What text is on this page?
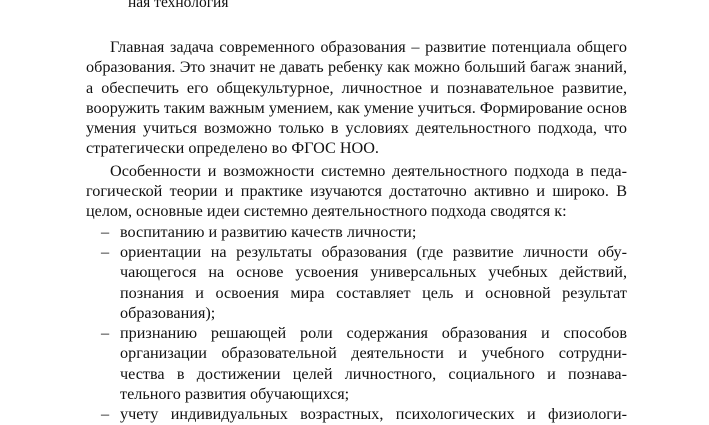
ная технология
Главная задача современного образования – развитие потенциала общего
образования. Это значит не давать ребенку как можно больший багаж знаний,
а обеспечить его общекультурное, личностное и познавательное развитие,
вооружить таким важным умением, как умение учиться. Формирование основ
умения учиться возможно только в условиях деятельностного подхода, что
стратегически определено во ФГОС НОО.
Особенности и возможности системно деятельностного подхода в педа-
гогической теории и практике изучаются достаточно активно и широко. В
целом, основные идеи системно деятельностного подхода сводятся к:
– воспитанию и развитию качеств личности;
– ориентации на результаты образования (где развитие личности обу-
чающегося на основе усвоения универсальных учебных действий,
познания и освоения мира составляет цель и основной результат
образования);
– признанию решающей роли содержания образования и способов
организации образовательной деятельности и учебного сотрудни-
чества в достижении целей личностного, социального и познава-
тельного развития обучающихся;
– учету индивидуальных возрастных, психологических и физиологи-
